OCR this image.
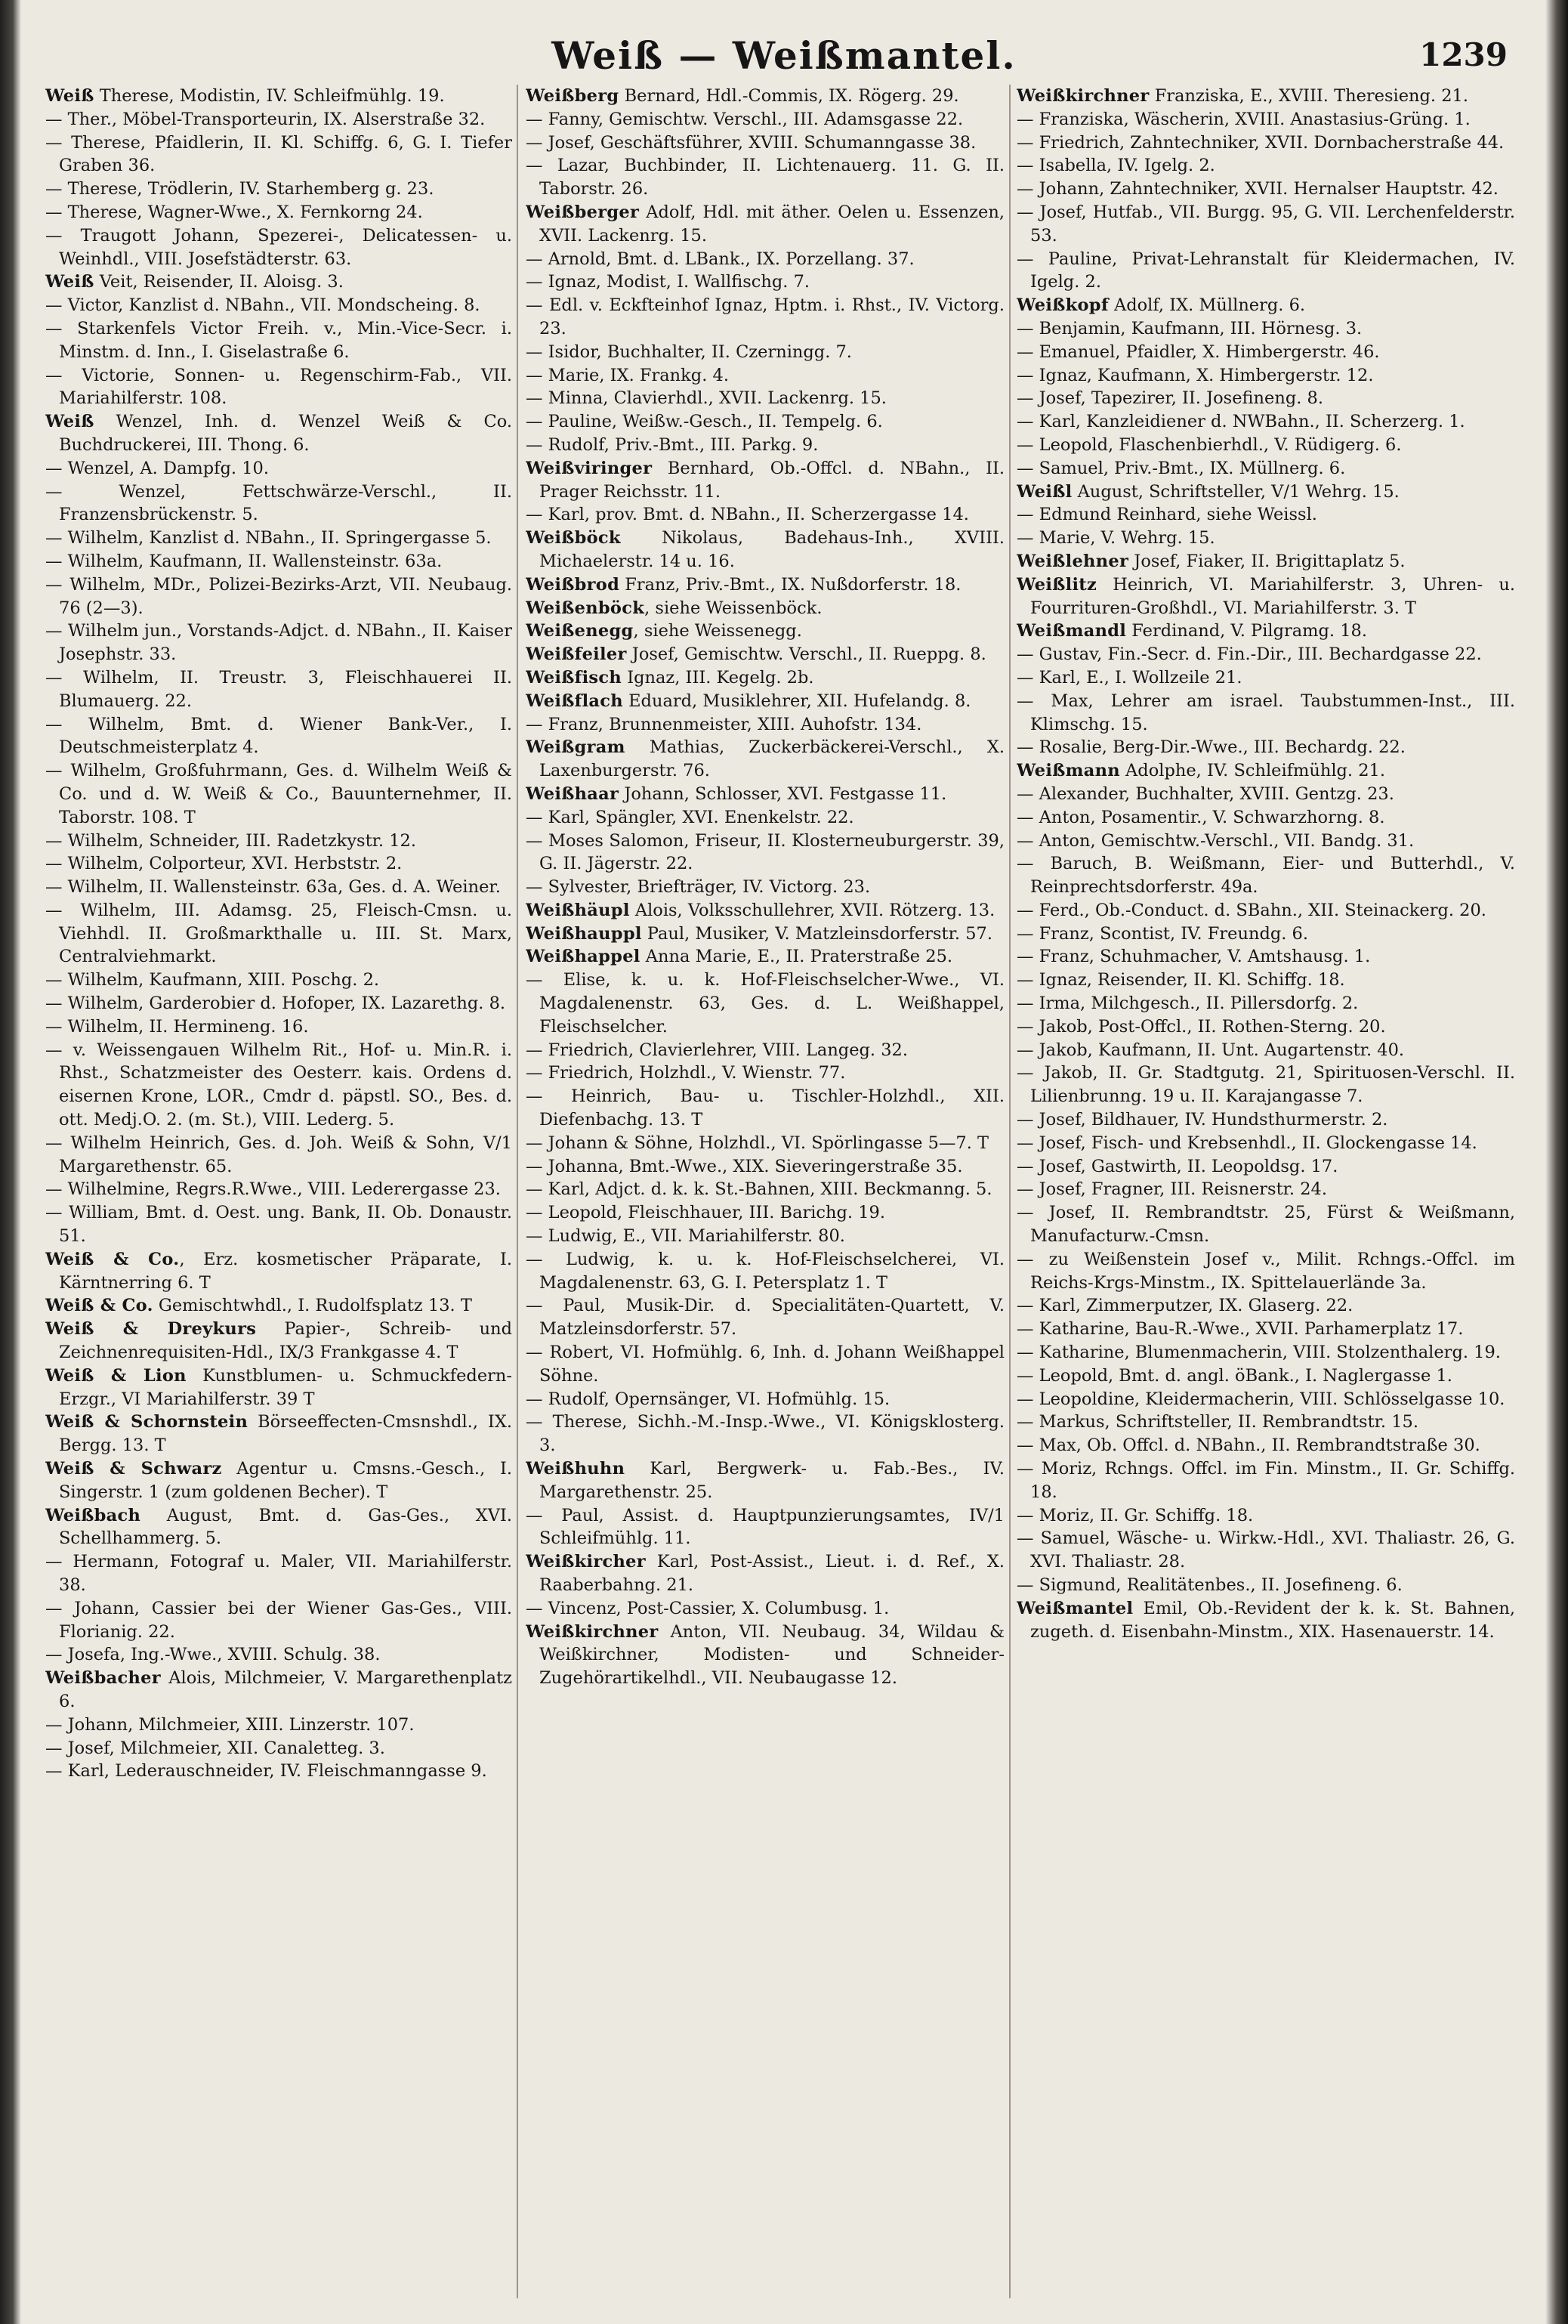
Weiß — Weißmantel.	1239

Weiß Therese, Modistin, IV. Schleifmühlg. 19.

— Ther., Möbel-Transporteurin, IX. Alserstraße 32.

— Therese, Pfaidlerin, II. Kl. Schiffg. 6, G. I. Tiefer Graben 36.

— Therese, Trödlerin, IV. Starhemberg g. 23.

— Therese, Wagner-Wwe., X. Fernkorng 24.

— Traugott Johann, Spezerei-, Delicatessen- u. Weinhdl., VIII. Josefstädterstr. 63.

Weiß Veit, Reisender, II. Aloisg. 3.

— Victor, Kanzlist d. NBahn., VII. Mondscheing. 8.

— Starkenfels Victor Freih. v., Min.-Vice-Secr. i. Minstm. d. Inn., I. Giselastraße 6.

— Victorie, Sonnen- u. Regenschirm-Fab., VII. Mariahilferstr. 108.

Weiß Wenzel, Inh. d. Wenzel Weiß & Co. Buchdruckerei, III. Thong. 6.

— Wenzel, A. Dampfg. 10.

— Wenzel, Fettschwärze-Verschl., II. Franzensbrückenstr. 5.

— Wilhelm, Kanzlist d. NBahn., II. Springergasse 5.

— Wilhelm, Kaufmann, II. Wallensteinstr. 63a.

— Wilhelm, MDr., Polizei-Bezirks-Arzt, VII. Neubaug. 76 (2—3).

— Wilhelm jun., Vorstands-Adjct. d. NBahn., II. Kaiser Josephstr. 33.

— Wilhelm, II. Treustr. 3, Fleischhauerei II. Blumauerg. 22.

— Wilhelm, Bmt. d. Wiener Bank-Ver., I. Deutschmeisterplatz 4.

— Wilhelm, Großfuhrmann, Ges. d. Wilhelm Weiß & Co. und d. W. Weiß & Co., Bauunternehmer, II. Taborstr. 108. T

— Wilhelm, Schneider, III. Radetzkystr. 12.

— Wilhelm, Colporteur, XVI. Herbststr. 2.

— Wilhelm, II. Wallensteinstr. 63a, Ges. d. A. Weiner.

— Wilhelm, III. Adamsg. 25, Fleisch-Cmsn. u. Viehhdl. II. Großmarkthalle u. III. St. Marx, Centralviehmarkt.

— Wilhelm, Kaufmann, XIII. Poschg. 2.

— Wilhelm, Garderobier d. Hofoper, IX. Lazarethg. 8.

— Wilhelm, II. Hermineng. 16.

— v. Weissengauen Wilhelm Rit., Hof- u. Min.R. i. Rhst., Schatzmeister des Oesterr. kais. Ordens d. eisernen Krone, LOR., Cmdr d. päpstl. SO., Bes. d. ott. Medj.O. 2. (m. St.), VIII. Lederg. 5.

— Wilhelm Heinrich, Ges. d. Joh. Weiß & Sohn, V/1 Margarethenstr. 65.

— Wilhelmine, Regrs.R.Wwe., VIII. Lederergasse 23.

— William, Bmt. d. Oest. ung. Bank, II. Ob. Donaustr. 51.

Weiß & Co., Erz. kosmetischer Präparate, I. Kärntnerring 6. T

Weiß & Co. Gemischtwhdl., I. Rudolfsplatz 13. T

Weiß & Dreykurs Papier-, Schreib- und Zeichnenrequisiten-Hdl., IX/3 Frankgasse 4. T

Weiß & Lion Kunstblumen- u. Schmuckfedern-Erzgr., VI Mariahilferstr. 39 T

Weiß & Schornstein Börseeffecten-Cmsnshdl., IX. Bergg. 13. T

Weiß & Schwarz Agentur u. Cmsns.-Gesch., I. Singerstr. 1 (zum goldenen Becher). T

Weißbach August, Bmt. d. Gas-Ges., XVI. Schellhammerg. 5.

— Hermann, Fotograf u. Maler, VII. Mariahilferstr. 38.

— Johann, Cassier bei der Wiener Gas-Ges., VIII. Florianig. 22.

— Josefa, Ing.-Wwe., XVIII. Schulg. 38.

Weißbacher Alois, Milchmeier, V. Margarethenplatz 6.

— Johann, Milchmeier, XIII. Linzerstr. 107.

— Josef, Milchmeier, XII. Canaletteg. 3.

— Karl, Lederauschneider, IV. Fleischmanngasse 9.

Weißberg Bernard, Hdl.-Commis, IX. Rögerg. 29.

— Fanny, Gemischtw. Verschl., III. Adamsgasse 22.

— Josef, Geschäftsführer, XVIII. Schumanngasse 38.

— Lazar, Buchbinder, II. Lichtenauerg. 11. G. II. Taborstr. 26.

Weißberger Adolf, Hdl. mit äther. Oelen u. Essenzen, XVII. Lackenrg. 15.

— Arnold, Bmt. d. LBank., IX. Porzellang. 37.

— Ignaz, Modist, I. Wallfischg. 7.

— Edl. v. Eckfteinhof Ignaz, Hptm. i. Rhst., IV. Victorg. 23.

— Isidor, Buchhalter, II. Czerningg. 7.

— Marie, IX. Frankg. 4.

— Minna, Clavierhdl., XVII. Lackenrg. 15.

— Pauline, Weißw.-Gesch., II. Tempelg. 6.

— Rudolf, Priv.-Bmt., III. Parkg. 9.

Weißviringer Bernhard, Ob.-Offcl. d. NBahn., II. Prager Reichsstr. 11.

— Karl, prov. Bmt. d. NBahn., II. Scherzergasse 14.

Weißböck Nikolaus, Badehaus-Inh., XVIII. Michaelerstr. 14 u. 16.

Weißbrod Franz, Priv.-Bmt., IX. Nußdorferstr. 18.

Weißenböck, siehe Weissenböck.

Weißenegg, siehe Weissenegg.

Weißfeiler Josef, Gemischtw. Verschl., II. Rueppg. 8.

Weißfisch Ignaz, III. Kegelg. 2b.

Weißflach Eduard, Musiklehrer, XII. Hufelandg. 8.

— Franz, Brunnenmeister, XIII. Auhofstr. 134.

Weißgram Mathias, Zuckerbäckerei-Verschl., X. Laxenburgerstr. 76.

Weißhaar Johann, Schlosser, XVI. Festgasse 11.

— Karl, Spängler, XVI. Enenkelstr. 22.

— Moses Salomon, Friseur, II. Klosterneuburgerstr. 39, G. II. Jägerstr. 22.

— Sylvester, Briefträger, IV. Victorg. 23.

Weißhäupl Alois, Volksschullehrer, XVII. Rötzerg. 13.

Weißhauppl Paul, Musiker, V. Matzleinsdorferstr. 57.

Weißhappel Anna Marie, E., II. Praterstraße 25.

— Elise, k. u. k. Hof-Fleischselcher-Wwe., VI. Magdalenenstr. 63, Ges. d. L. Weißhappel, Fleischselcher.

— Friedrich, Clavierlehrer, VIII. Langeg. 32.

— Friedrich, Holzhdl., V. Wienstr. 77.

— Heinrich, Bau- u. Tischler-Holzhdl., XII. Diefenbachg. 13. T

— Johann & Söhne, Holzhdl., VI. Spörlingasse 5—7. T

— Johanna, Bmt.-Wwe., XIX. Sieveringerstraße 35.

— Karl, Adjct. d. k. k. St.-Bahnen, XIII. Beckmanng. 5.

— Leopold, Fleischhauer, III. Barichg. 19.

— Ludwig, E., VII. Mariahilferstr. 80.

— Ludwig, k. u. k. Hof-Fleischselcherei, VI. Magdalenenstr. 63, G. I. Petersplatz 1. T

— Paul, Musik-Dir. d. Specialitäten-Quartett, V. Matzleinsdorferstr. 57.

— Robert, VI. Hofmühlg. 6, Inh. d. Johann Weißhappel Söhne.

— Rudolf, Opernsänger, VI. Hofmühlg. 15.

— Therese, Sichh.-M.-Insp.-Wwe., VI. Königsklosterg. 3.

Weißhuhn Karl, Bergwerk- u. Fab.-Bes., IV. Margarethenstr. 25.

— Paul, Assist. d. Hauptpunzierungsamtes, IV/1 Schleifmühlg. 11.

Weißkircher Karl, Post-Assist., Lieut. i. d. Ref., X. Raaberbahng. 21.

— Vincenz, Post-Cassier, X. Columbusg. 1.

Weißkirchner Anton, VII. Neubaug. 34, Wildau & Weißkirchner, Modisten- und Schneider-Zugehörartikelhdl., VII. Neubaugasse 12.

Weißkirchner Franziska, E., XVIII. Theresieng. 21.

— Franziska, Wäscherin, XVIII. Anastasius-Grüng. 1.

— Friedrich, Zahntechniker, XVII. Dornbacherstraße 44.

— Isabella, IV. Igelg. 2.

— Johann, Zahntechniker, XVII. Hernalser Hauptstr. 42.

— Josef, Hutfab., VII. Burgg. 95, G. VII. Lerchenfelderstr. 53.

— Pauline, Privat-Lehranstalt für Kleidermachen, IV. Igelg. 2.

Weißkopf Adolf, IX. Müllnerg. 6.

— Benjamin, Kaufmann, III. Hörnesg. 3.

— Emanuel, Pfaidler, X. Himbergerstr. 46.

— Ignaz, Kaufmann, X. Himbergerstr. 12.

— Josef, Tapezirer, II. Josefineng. 8.

— Karl, Kanzleidiener d. NWBahn., II. Scherzerg. 1.

— Leopold, Flaschenbierhdl., V. Rüdigerg. 6.

— Samuel, Priv.-Bmt., IX. Müllnerg. 6.

Weißl August, Schriftsteller, V/1 Wehrg. 15.

— Edmund Reinhard, siehe Weissl.

— Marie, V. Wehrg. 15.

Weißlehner Josef, Fiaker, II. Brigittaplatz 5.

Weißlitz Heinrich, VI. Mariahilferstr. 3, Uhren- u. Fourrituren-Großhdl., VI. Mariahilferstr. 3. T

Weißmandl Ferdinand, V. Pilgramg. 18.

— Gustav, Fin.-Secr. d. Fin.-Dir., III. Bechardgasse 22.

— Karl, E., I. Wollzeile 21.

— Max, Lehrer am israel. Taubstummen-Inst., III. Klimschg. 15.

— Rosalie, Berg-Dir.-Wwe., III. Bechardg. 22.

Weißmann Adolphe, IV. Schleifmühlg. 21.

— Alexander, Buchhalter, XVIII. Gentzg. 23.

— Anton, Posamentir., V. Schwarzhorng. 8.

— Anton, Gemischtw.-Verschl., VII. Bandg. 31.

— Baruch, B. Weißmann, Eier- und Butterhdl., V. Reinprechtsdorferstr. 49a.

— Ferd., Ob.-Conduct. d. SBahn., XII. Steinackerg. 20.

— Franz, Scontist, IV. Freundg. 6.

— Franz, Schuhmacher, V. Amtshausg. 1.

— Ignaz, Reisender, II. Kl. Schiffg. 18.

— Irma, Milchgesch., II. Pillersdorfg. 2.

— Jakob, Post-Offcl., II. Rothen-Sterng. 20.

— Jakob, Kaufmann, II. Unt. Augartenstr. 40.

— Jakob, II. Gr. Stadtgutg. 21, Spirituosen-Verschl. II. Lilienbrunng. 19 u. II. Karajangasse 7.

— Josef, Bildhauer, IV. Hundsthurmerstr. 2.

— Josef, Fisch- und Krebsenhdl., II. Glockengasse 14.

— Josef, Gastwirth, II. Leopoldsg. 17.

— Josef, Fragner, III. Reisnerstr. 24.

— Josef, II. Rembrandtstr. 25, Fürst & Weißmann, Manufacturw.-Cmsn.

— zu Weißenstein Josef v., Milit. Rchngs.-Offcl. im Reichs-Krgs-Minstm., IX. Spittelauerlände 3a.

— Karl, Zimmerputzer, IX. Glaserg. 22.

— Katharine, Bau-R.-Wwe., XVII. Parhamerplatz 17.

— Katharine, Blumenmacherin, VIII. Stolzenthalerg. 19.

— Leopold, Bmt. d. angl. öBank., I. Naglergasse 1.

— Leopoldine, Kleidermacherin, VIII. Schlösselgasse 10.

— Markus, Schriftsteller, II. Rembrandtstr. 15.

— Max, Ob. Offcl. d. NBahn., II. Rembrandtstraße 30.

— Moriz, Rchngs. Offcl. im Fin. Minstm., II. Gr. Schiffg. 18.

— Moriz, II. Gr. Schiffg. 18.

— Samuel, Wäsche- u. Wirkw.-Hdl., XVI. Thaliastr. 26, G. XVI. Thaliastr. 28.

— Sigmund, Realitätenbes., II. Josefineng. 6.

Weißmantel Emil, Ob.-Revident der k. k. St. Bahnen, zugeth. d. Eisenbahn-Minstm., XIX. Hasenauerstr. 14.
